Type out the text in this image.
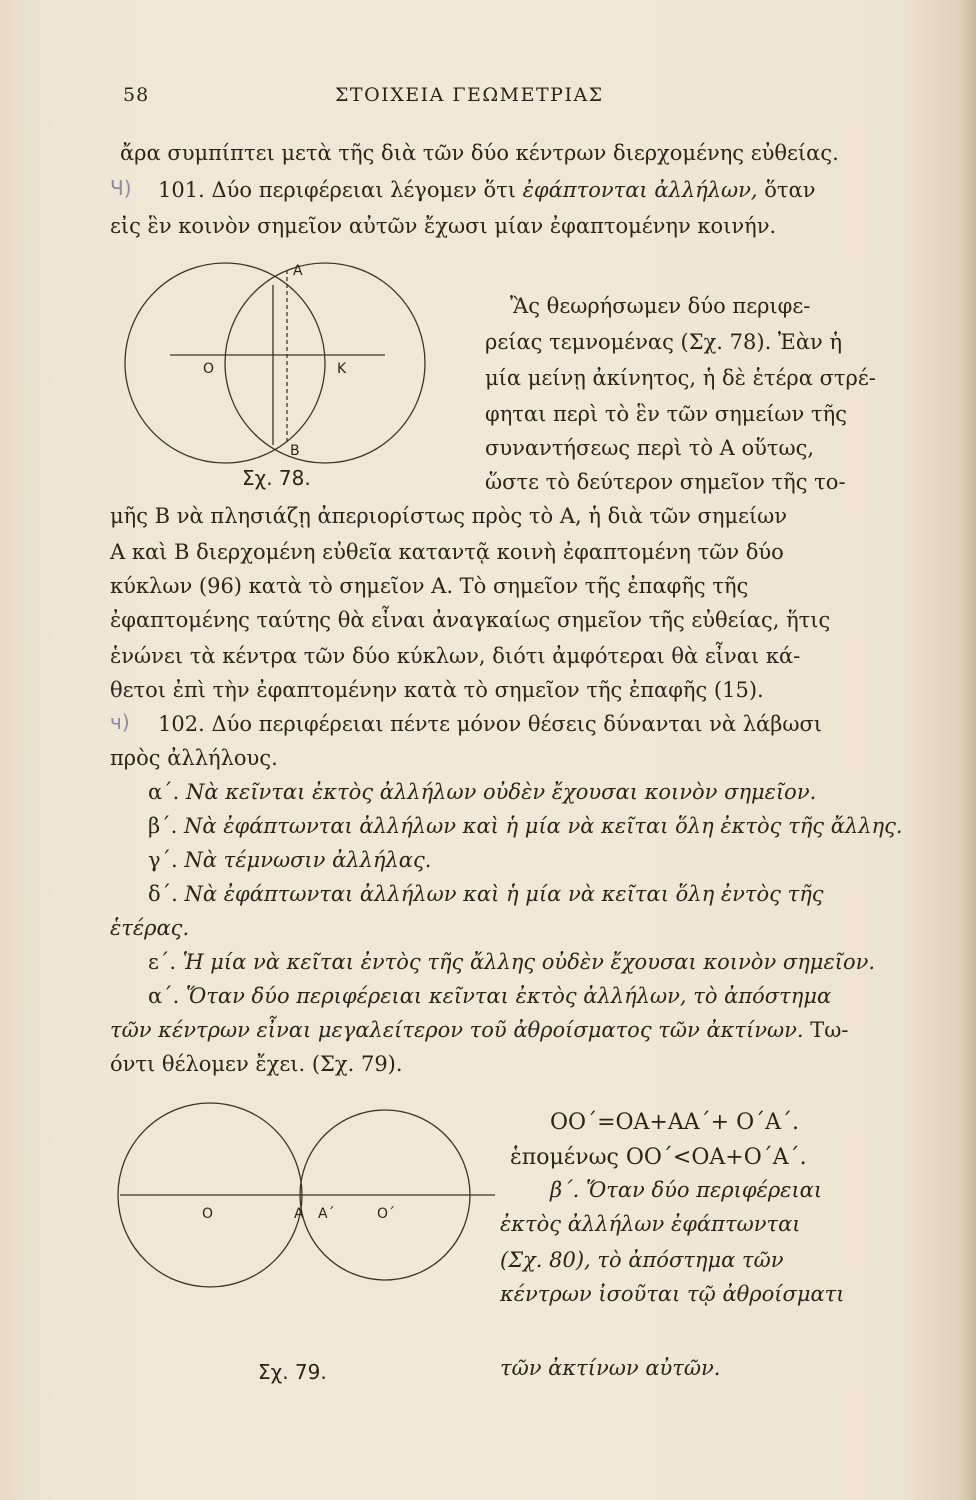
58	ΣΤΟΙΧΕΙΑ ΓΕΩΜΕΤΡΙΑΣ
ἄρα συμπίπτει μετὰ τῆς διὰ τῶν δύο κέντρων διερχομένης εὐθείας.
Ч) 101. Δύο περιφέρειαι λέγομεν ὅτι ἐφάπτονται ἀλλήλων, ὅταν
εἰς ἓν κοινὸν σημεῖον αὐτῶν ἔχωσι μίαν ἐφαπτομένην κοινήν.
A
O	K
B
Σχ. 78.
Ἂς θεωρήσωμεν δύο περιφε-
ρείας τεμνομένας (Σχ. 78). Ἐὰν ἡ
μία μείνῃ ἀκίνητος, ἡ δὲ ἑτέρα στρέ-
φηται περὶ τὸ ἓν τῶν σημείων τῆς
συναντήσεως περὶ τὸ Α οὕτως,
ὥστε τὸ δεύτερον σημεῖον τῆς το-
μῆς Β νὰ πλησιάζῃ ἀπεριορίστως πρὸς τὸ Α, ἡ διὰ τῶν σημείων
Α καὶ Β διερχομένη εὐθεῖα καταντᾷ κοινὴ ἐφαπτομένη τῶν δύο
κύκλων (96) κατὰ τὸ σημεῖον Α. Τὸ σημεῖον τῆς ἐπαφῆς τῆς
ἐφαπτομένης ταύτης θὰ εἶναι ἀναγκαίως σημεῖον τῆς εὐθείας, ἥτις
ἑνώνει τὰ κέντρα τῶν δύο κύκλων, διότι ἀμφότεραι θὰ εἶναι κά-
θετοι ἐπὶ τὴν ἐφαπτομένην κατὰ τὸ σημεῖον τῆς ἐπαφῆς (15).
ч) 102. Δύο περιφέρειαι πέντε μόνον θέσεις δύνανται νὰ λάβωσι
πρὸς ἀλλήλους.
α΄. Νὰ κεῖνται ἐκτὸς ἀλλήλων οὐδὲν ἔχουσαι κοινὸν σημεῖον.
β΄. Νὰ ἐφάπτωνται ἀλλήλων καὶ ἡ μία νὰ κεῖται ὅλη ἐκτὸς τῆς ἄλλης.
γ΄. Νὰ τέμνωσιν ἀλλήλας.
δ΄. Νὰ ἐφάπτωνται ἀλλήλων καὶ ἡ μία νὰ κεῖται ὅλη ἐντὸς τῆς
ἑτέρας.
ε΄. Ἡ μία νὰ κεῖται ἐντὸς τῆς ἄλλης οὐδὲν ἔχουσαι κοινὸν σημεῖον.
α΄. Ὅταν δύο περιφέρειαι κεῖνται ἐκτὸς ἀλλήλων, τὸ ἀπόστημα
τῶν κέντρων εἶναι μεγαλείτερον τοῦ ἀθροίσματος τῶν ἀκτίνων. Τω-
όντι θέλομεν ἔχει. (Σχ. 79).
O	A A΄	O΄
Σχ. 79.
OO΄=OA+AA΄+ O΄A΄.
ἑπομένως OO΄<OA+O΄A΄.
β΄. Ὅταν δύο περιφέρειαι
ἐκτὸς ἀλλήλων ἐφάπτωνται
(Σχ. 80), τὸ ἀπόστημα τῶν
κέντρων ἰσοῦται τῷ ἀθροίσματι
τῶν ἀκτίνων αὐτῶν.
